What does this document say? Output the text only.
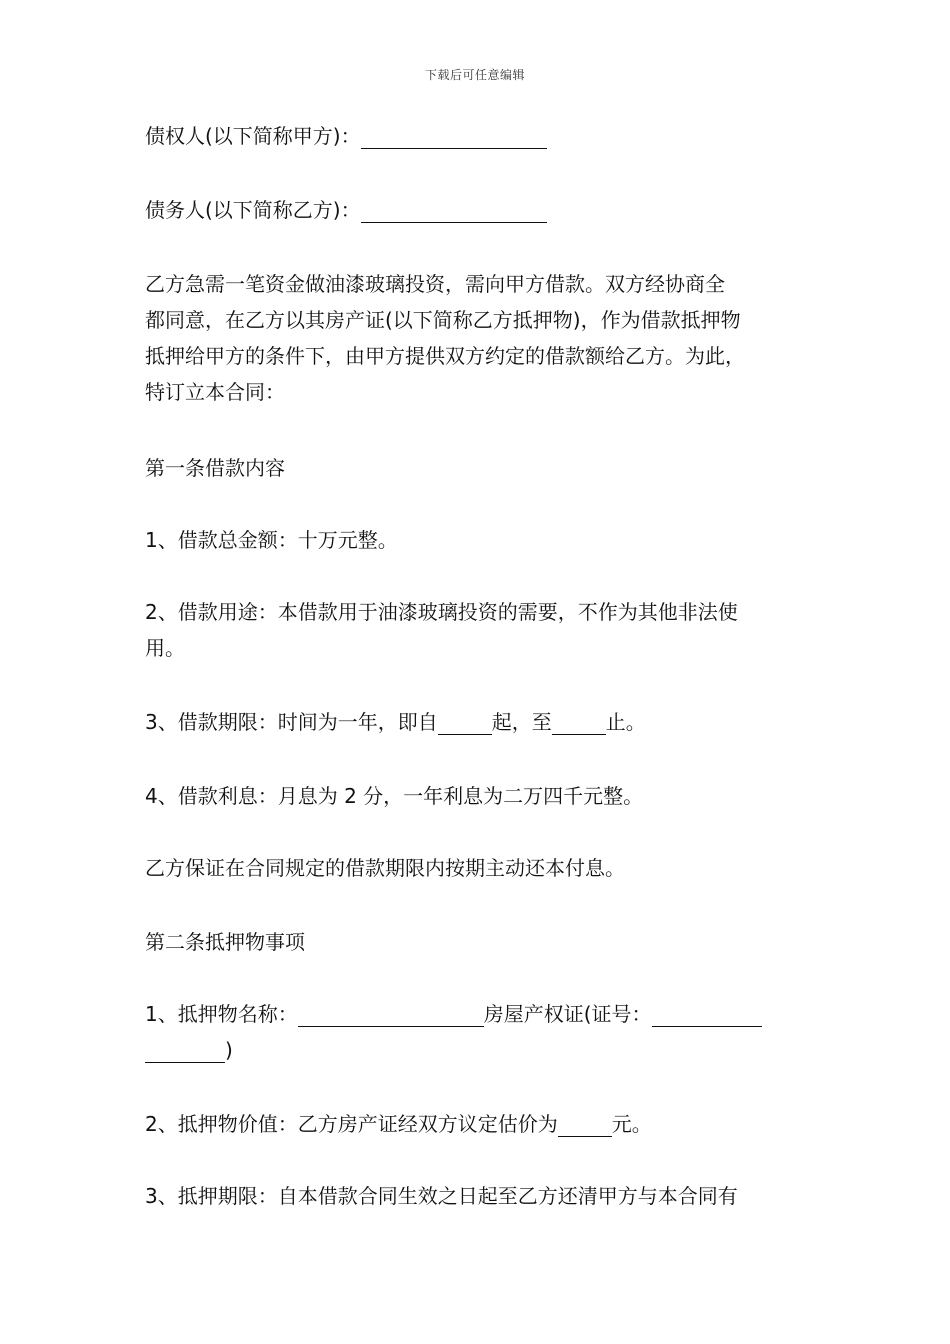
下载后可任意编辑
债权人(以下简称甲方)：
债务人(以下简称乙方)：
乙方急需一笔资金做油漆玻璃投资，需向甲方借款。双方经协商全
都同意，在乙方以其房产证(以下简称乙方抵押物)，作为借款抵押物
抵押给甲方的条件下，由甲方提供双方约定的借款额给乙方。为此，
特订立本合同：
第一条借款内容
1、借款总金额：十万元整。
2、借款用途：本借款用于油漆玻璃投资的需要，不作为其他非法使
用。
3、借款期限：时间为一年，即自	起，至	止。
4、借款利息：月息为 2 分，一年利息为二万四千元整。
乙方保证在合同规定的借款期限内按期主动还本付息。
第二条抵押物事项
1、抵押物名称：	房屋产权证(证号：
)
2、抵押物价值：乙方房产证经双方议定估价为	元。
3、抵押期限：自本借款合同生效之日起至乙方还清甲方与本合同有
